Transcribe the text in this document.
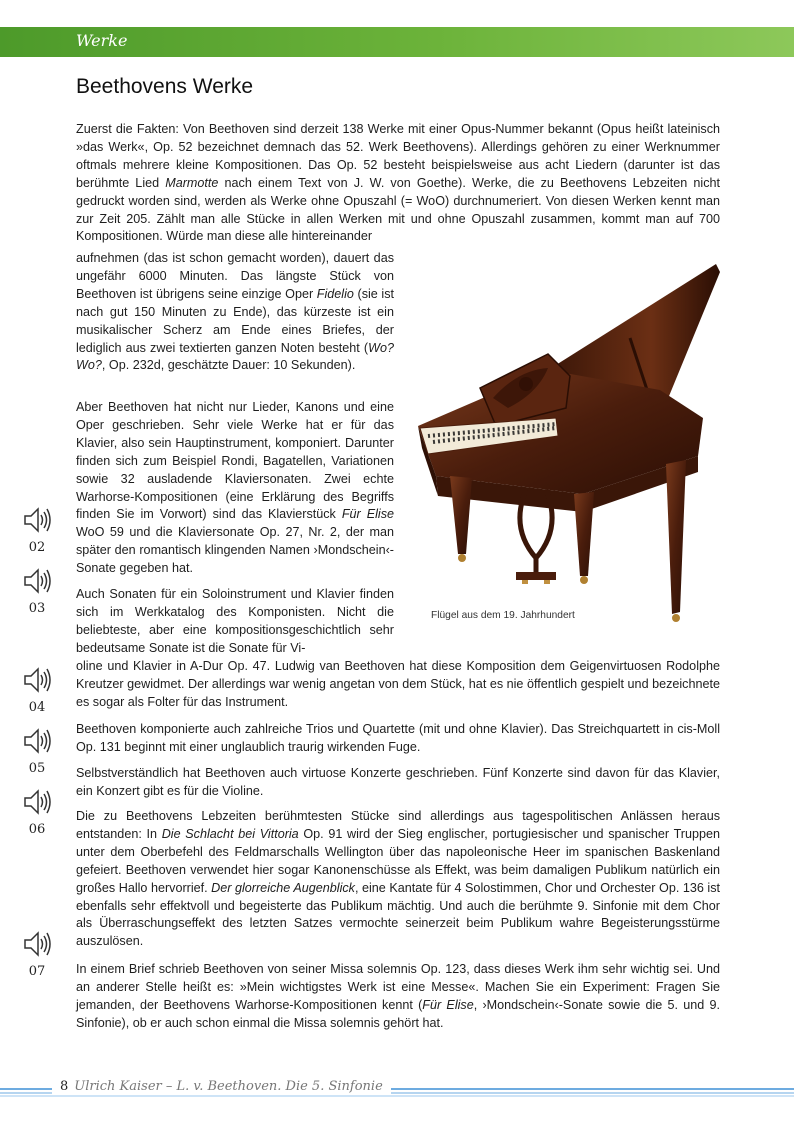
Werke
Beethovens Werke

Zuerst die Fakten: Von Beethoven sind derzeit 138 Werke mit einer Opus-Nummer bekannt (Opus heißt lateinisch »das Werk«, Op. 52 bezeichnet demnach das 52. Werk Beethovens). Allerdings gehören zu einer Werknummer oftmals mehrere kleine Kompositionen. Das Op. 52 besteht beispielsweise aus acht Liedern (darunter ist das berühmte Lied Marmotte nach einem Text von J. W. von Goethe). Werke, die zu Beethovens Lebzeiten nicht gedruckt worden sind, werden als Werke ohne Opuszahl (= WoO) durchnumeriert. Von diesen Werken kennt man zur Zeit 205. Zählt man alle Stücke in allen Werken mit und ohne Opuszahl zusammen, kommt man auf 700 Kompositionen. Würde man diese alle hintereinander

aufnehmen (das ist schon gemacht worden), dauert das ungefähr 6000 Minuten. Das längste Stück von Beethoven ist übrigens seine einzige Oper Fidelio (sie ist nach gut 150 Minuten zu Ende), das kürzeste ist ein musikalischer Scherz am Ende eines Briefes, der lediglich aus zwei textierten ganzen Noten besteht (Wo? Wo?, Op. 232d, geschätzte Dauer: 10 Sekunden).

Aber Beethoven hat nicht nur Lieder, Kanons und eine Oper geschrieben. Sehr viele Werke hat er für das Klavier, also sein Hauptinstrument, komponiert. Darunter finden sich zum Beispiel Rondi, Bagatellen, Variationen sowie 32 ausladende Klaviersonaten. Zwei echte Warhorse-Kompositionen (eine Erklärung des Begriffs finden Sie im Vorwort) sind das Klavierstück Für Elise WoO 59 und die Klaviersonate Op. 27, Nr. 2, der man später den romantisch klingenden Namen ›Mondschein‹-Sonate gegeben hat.

Auch Sonaten für ein Soloinstrument und Klavier finden sich im Werkkatalog des Komponisten. Nicht die beliebteste, aber eine kompositionsgeschichtlich sehr bedeutsame Sonate ist die Sonate für Vi-

oline und Klavier in A-Dur Op. 47. Ludwig van Beethoven hat diese Komposition dem Geigenvirtuosen Rodolphe Kreutzer gewidmet. Der allerdings war wenig angetan von dem Stück, hat es nie öffentlich gespielt und bezeichnete es sogar als Folter für das Instrument.

Beethoven komponierte auch zahlreiche Trios und Quartette (mit und ohne Klavier). Das Streichquartett in cis-Moll Op. 131 beginnt mit einer unglaublich traurig wirkenden Fuge.

Selbstverständlich hat Beethoven auch virtuose Konzerte geschrieben. Fünf Konzerte sind davon für das Klavier, ein Konzert gibt es für die Violine.

Die zu Beethovens Lebzeiten berühmtesten Stücke sind allerdings aus tagespolitischen Anlässen heraus entstanden: In Die Schlacht bei Vittoria Op. 91 wird der Sieg englischer, portugiesischer und spanischer Truppen unter dem Oberbefehl des Feldmarschalls Wellington über das napoleonische Heer im spanischen Baskenland gefeiert. Beethoven verwendet hier sogar Kanonenschüsse als Effekt, was beim damaligen Publikum natürlich ein großes Hallo hervorrief. Der glorreiche Augenblick, eine Kantate für 4 Solostimmen, Chor und Orchester Op. 136 ist ebenfalls sehr effektvoll und begeisterte das Publikum mächtig. Und auch die berühmte 9. Sinfonie mit dem Chor als Überraschungseffekt des letzten Satzes vermochte seinerzeit beim Publikum wahre Begeisterungsstürme auszulösen.

In einem Brief schrieb Beethoven von seiner Missa solemnis Op. 123, dass dieses Werk ihm sehr wichtig sei. Und an anderer Stelle heißt es: »Mein wichtigstes Werk ist eine Messe«. Machen Sie ein Experiment: Fragen Sie jemanden, der Beethovens Warhorse-Kompositionen kennt (Für Elise, ›Mondschein‹-Sonate sowie die 5. und 9. Sinfonie), ob er auch schon einmal die Missa solemnis gehört hat.

Flügel aus dem 19. Jahrhundert

02
03
04
05
06
07
8 Ulrich Kaiser – L. v. Beethoven. Die 5. Sinfonie
